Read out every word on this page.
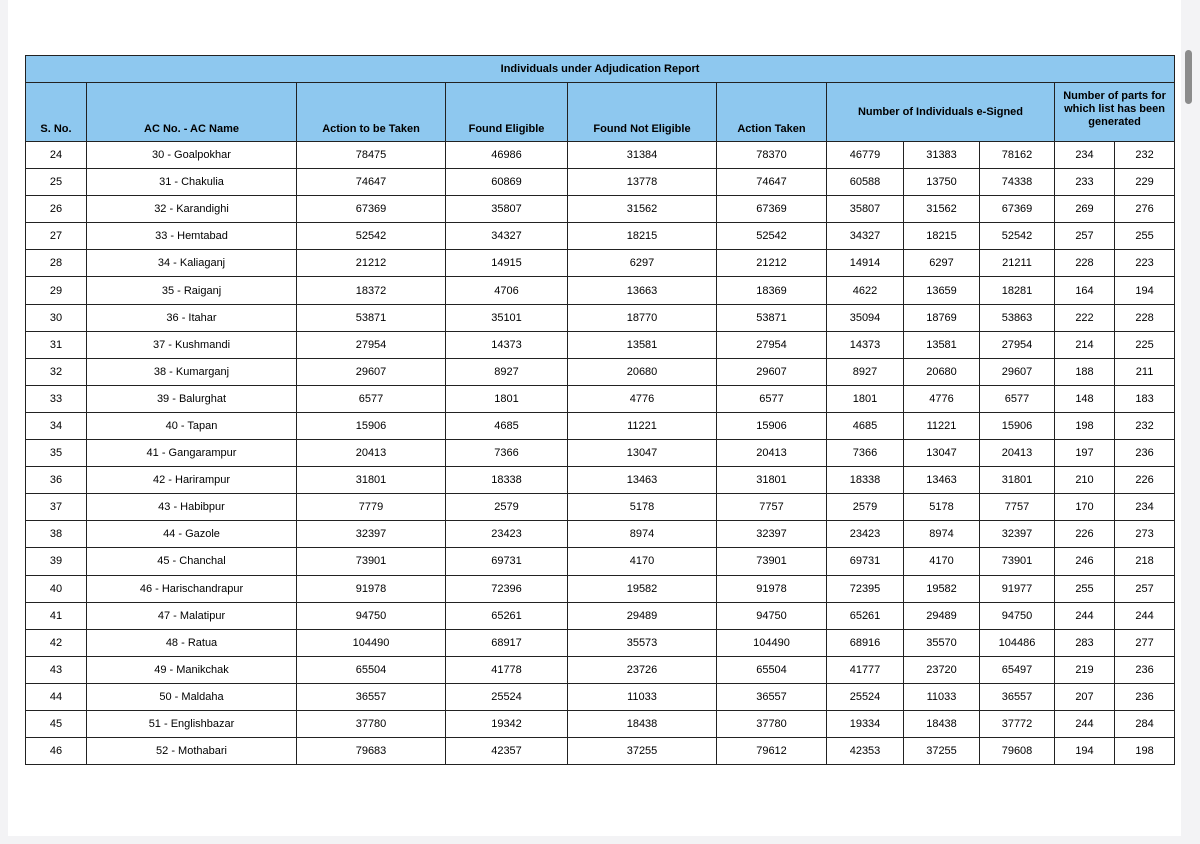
Individuals under Adjudication Report										
S. No.	AC No. - AC Name	Action to be Taken	Found Eligible	Found Not Eligible	Action Taken	Number of Individuals e-Signed			Number of parts for which list has been generated	
24	30 - Goalpokhar	78475	46986	31384	78370	46779	31383	78162	234	232
25	31 - Chakulia	74647	60869	13778	74647	60588	13750	74338	233	229
26	32 - Karandighi	67369	35807	31562	67369	35807	31562	67369	269	276
27	33 - Hemtabad	52542	34327	18215	52542	34327	18215	52542	257	255
28	34 - Kaliaganj	21212	14915	6297	21212	14914	6297	21211	228	223
29	35 - Raiganj	18372	4706	13663	18369	4622	13659	18281	164	194
30	36 - Itahar	53871	35101	18770	53871	35094	18769	53863	222	228
31	37 - Kushmandi	27954	14373	13581	27954	14373	13581	27954	214	225
32	38 - Kumarganj	29607	8927	20680	29607	8927	20680	29607	188	211
33	39 - Balurghat	6577	1801	4776	6577	1801	4776	6577	148	183
34	40 - Tapan	15906	4685	11221	15906	4685	11221	15906	198	232
35	41 - Gangarampur	20413	7366	13047	20413	7366	13047	20413	197	236
36	42 - Harirampur	31801	18338	13463	31801	18338	13463	31801	210	226
37	43 - Habibpur	7779	2579	5178	7757	2579	5178	7757	170	234
38	44 - Gazole	32397	23423	8974	32397	23423	8974	32397	226	273
39	45 - Chanchal	73901	69731	4170	73901	69731	4170	73901	246	218
40	46 - Harischandrapur	91978	72396	19582	91978	72395	19582	91977	255	257
41	47 - Malatipur	94750	65261	29489	94750	65261	29489	94750	244	244
42	48 - Ratua	104490	68917	35573	104490	68916	35570	104486	283	277
43	49 - Manikchak	65504	41778	23726	65504	41777	23720	65497	219	236
44	50 - Maldaha	36557	25524	11033	36557	25524	11033	36557	207	236
45	51 - Englishbazar	37780	19342	18438	37780	19334	18438	37772	244	284
46	52 - Mothabari	79683	42357	37255	79612	42353	37255	79608	194	198
